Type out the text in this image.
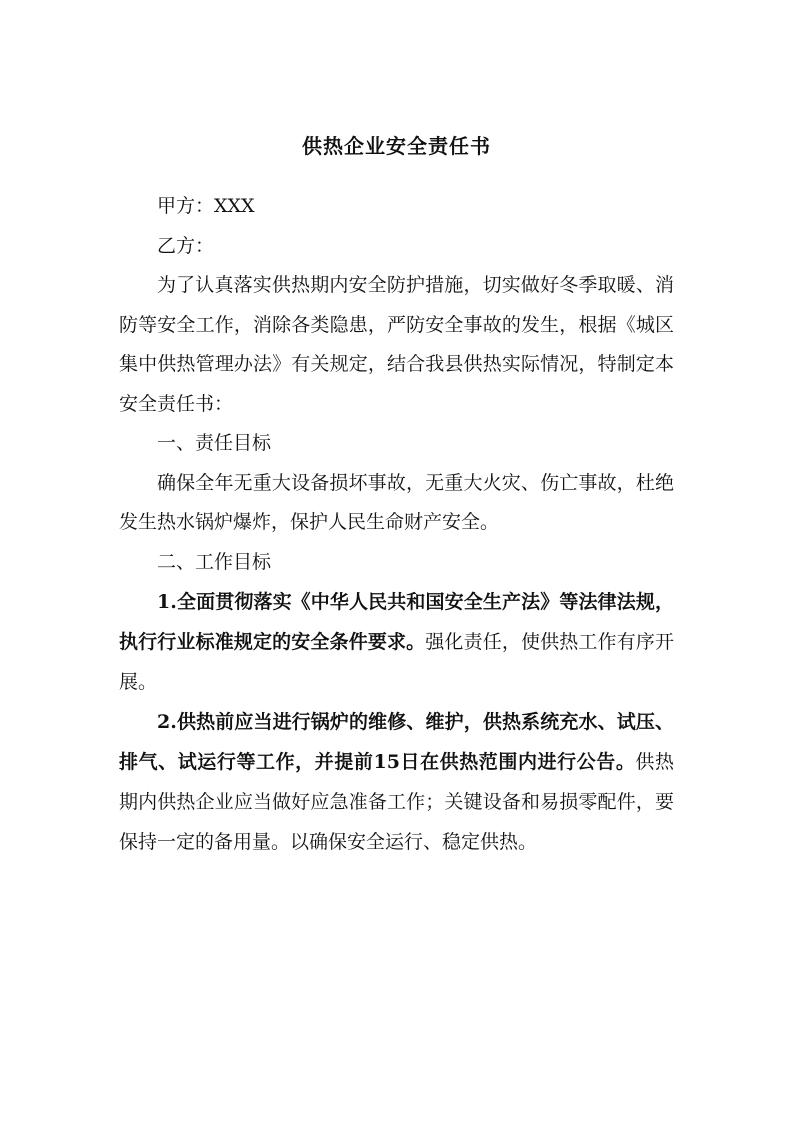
供热企业安全责任书

甲方：XXX

乙方：

为了认真落实供热期内安全防护措施，切实做好冬季取暖、消防等安全工作，消除各类隐患，严防安全事故的发生，根据《城区集中供热管理办法》有关规定，结合我县供热实际情况，特制定本安全责任书：

一、责任目标

确保全年无重大设备损坏事故，无重大火灾、伤亡事故，杜绝发生热水锅炉爆炸，保护人民生命财产安全。

二、工作目标

1.全面贯彻落实《中华人民共和国安全生产法》等法律法规，执行行业标准规定的安全条件要求。强化责任，使供热工作有序开展。

2.供热前应当进行锅炉的维修、维护，供热系统充水、试压、排气、试运行等工作，并提前15日在供热范围内进行公告。供热期内供热企业应当做好应急准备工作；关键设备和易损零配件，要保持一定的备用量。以确保安全运行、稳定供热。
